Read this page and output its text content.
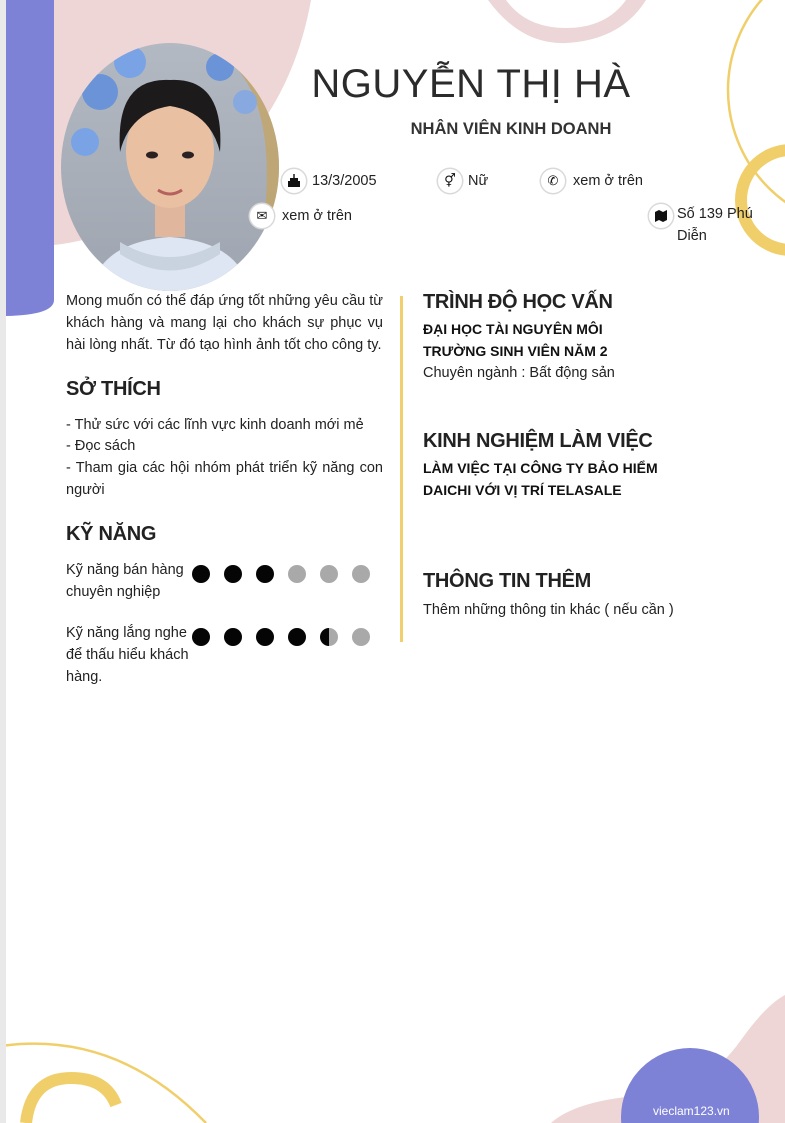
NGUYỄN THỊ HÀ
NHÂN VIÊN KINH DOANH
13/3/2005	⚥ Nữ	✆	xem ở trên
✉	xem ở trên	Số 139 Phú Diễn
Mong muốn có thể đáp ứng tốt những yêu cầu từ khách hàng và mang lại cho khách sự phục vụ hài lòng nhất. Từ đó tạo hình ảnh tốt cho công ty.
SỞ THÍCH
- Thử sức với các lĩnh vực kinh doanh mới mẻ
- Đọc sách
- Tham gia các hội nhóm phát triển kỹ năng con người
KỸ NĂNG
Kỹ năng bán hàng chuyên nghiệp
Kỹ năng lắng nghe để thấu hiểu khách hàng.
TRÌNH ĐỘ HỌC VẤN
ĐẠI HỌC TÀI NGUYÊN MÔI TRƯỜNG SINH VIÊN NĂM 2
Chuyên ngành : Bất động sản
KINH NGHIỆM LÀM VIỆC
LÀM VIỆC TẠI CÔNG TY BẢO HIỂM DAICHI VỚI VỊ TRÍ TELASALE
THÔNG TIN THÊM
Thêm những thông tin khác ( nếu cần )
vieclam123.vn
